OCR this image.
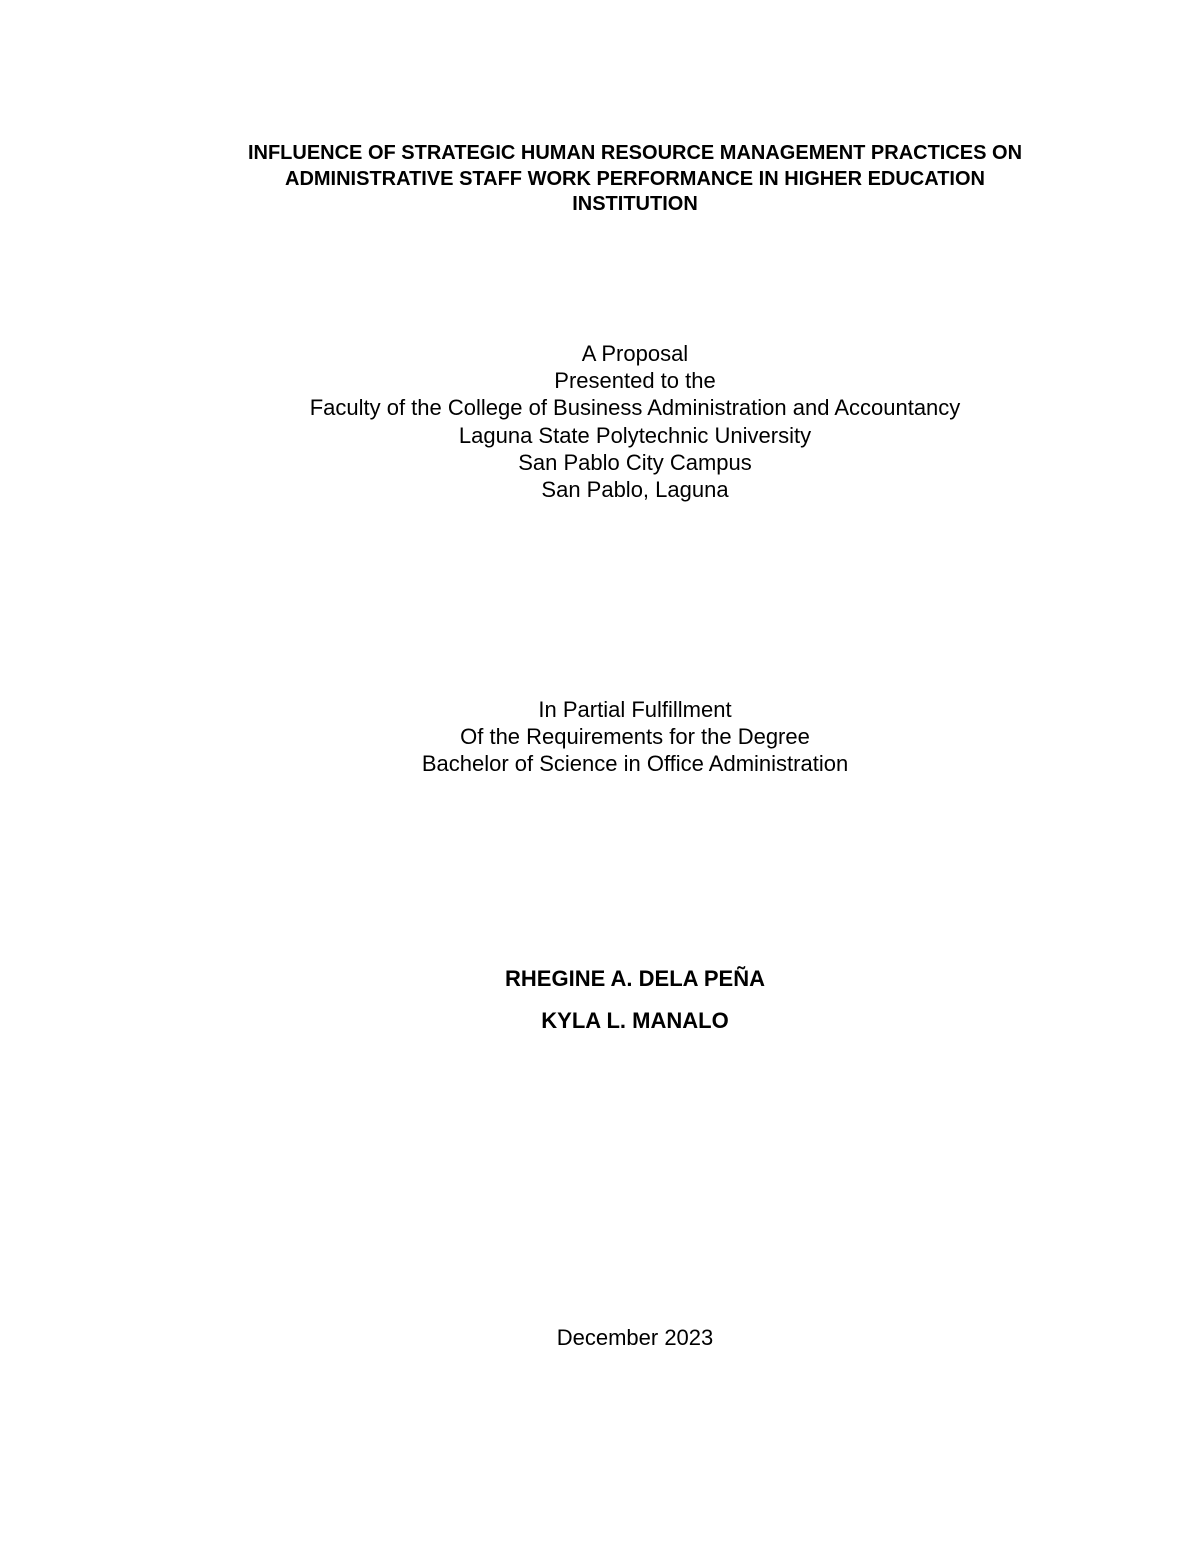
INFLUENCE OF STRATEGIC HUMAN RESOURCE MANAGEMENT PRACTICES ON
ADMINISTRATIVE STAFF WORK PERFORMANCE IN HIGHER EDUCATION
INSTITUTION
A Proposal
Presented to the
Faculty of the College of Business Administration and Accountancy
Laguna State Polytechnic University
San Pablo City Campus
San Pablo, Laguna
In Partial Fulfillment
Of the Requirements for the Degree
Bachelor of Science in Office Administration
RHEGINE A. DELA PEÑA
KYLA L. MANALO
December 2023
